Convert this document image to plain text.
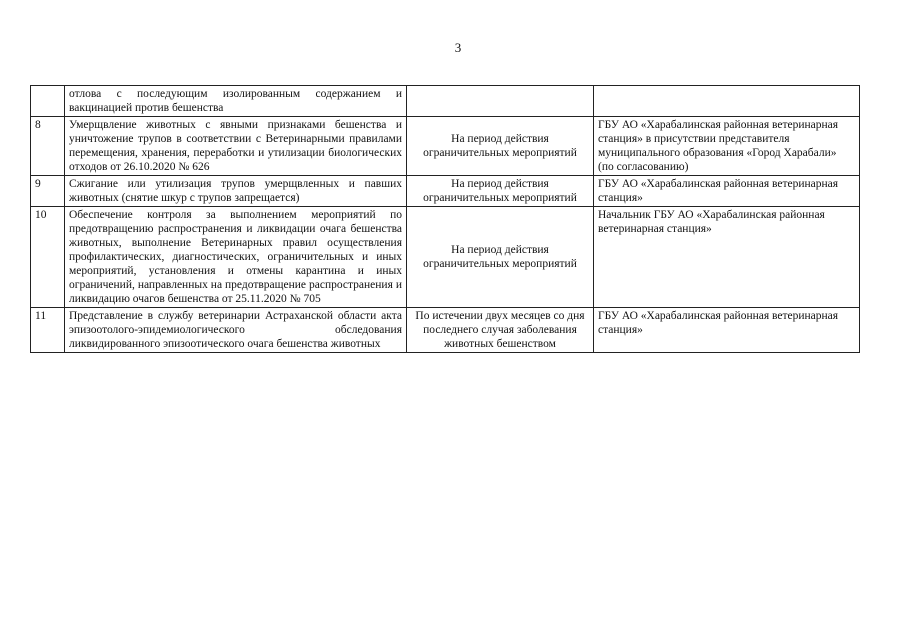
3
	отлова с последующим изолированным содержанием и вакцинацией против бешенства		
8	Умерщвление животных с явными признаками бешенства и уничтожение трупов в соответствии с Ветеринарными правилами перемещения, хранения, переработки и утилизации биологических отходов от 26.10.2020 № 626	На период действия ограничительных мероприятий	ГБУ АО «Харабалинская районная ветеринарная станция» в присутствии представителя муниципального образования «Город Харабали» (по согласованию)
9	Сжигание или утилизация трупов умерщвленных и павших животных (снятие шкур с трупов запрещается)	На период действия ограничительных мероприятий	ГБУ АО «Харабалинская районная ветеринарная станция»
10	Обеспечение контроля за выполнением мероприятий по предотвращению распространения и ликвидации очага бешенства животных, выполнение Ветеринарных правил осуществления профилактических, диагностических, ограничительных и иных мероприятий, установления и отмены карантина и иных ограничений, направленных на предотвращение распространения и ликвидацию очагов бешенства от 25.11.2020 № 705	На период действия ограничительных мероприятий	Начальник ГБУ АО «Харабалинская районная ветеринарная станция»
11	Представление в службу ветеринарии Астраханской области акта эпизоотолого-эпидемиологического обследования ликвидированного эпизоотического очага бешенства животных	По истечении двух месяцев со дня последнего случая заболевания животных бешенством	ГБУ АО «Харабалинская районная ветеринарная станция»
